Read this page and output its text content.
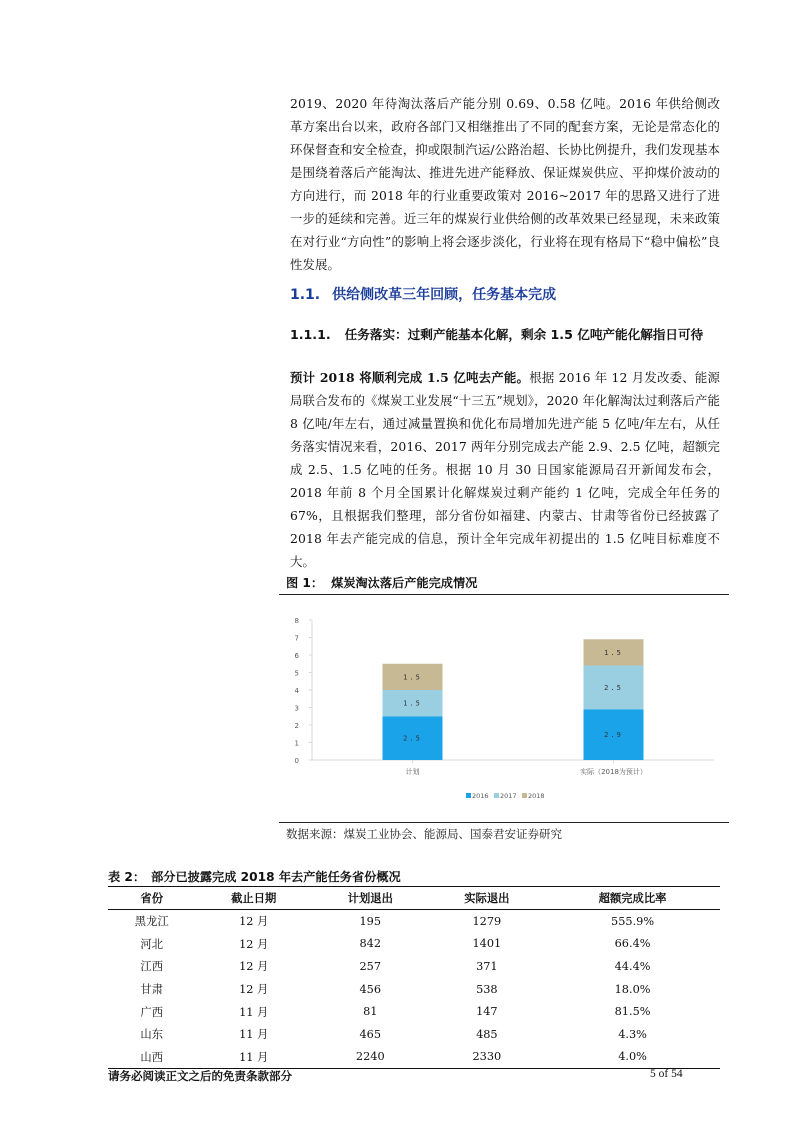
2019、2020 年待淘汰落后产能分别 0.69、0.58 亿吨。2016 年供给侧改革方案出台以来，政府各部门又相继推出了不同的配套方案，无论是常态化的环保督查和安全检查，抑或限制汽运/公路治超、长协比例提升，我们发现基本是围绕着落后产能淘汰、推进先进产能释放、保证煤炭供应、平抑煤价波动的方向进行，而 2018 年的行业重要政策对 2016~2017 年的思路又进行了进一步的延续和完善。近三年的煤炭行业供给侧的改革效果已经显现，未来政策在对行业“方向性”的影响上将会逐步淡化，行业将在现有格局下“稳中偏松”良性发展。

1.1. 供给侧改革三年回顾，任务基本完成
1.1.1. 任务落实：过剩产能基本化解，剩余 1.5 亿吨产能化解指日可待

预计 2018 将顺利完成 1.5 亿吨去产能。根据 2016 年 12 月发改委、能源局联合发布的《煤炭工业发展“十三五”规划》，2020 年化解淘汰过剩落后产能 8 亿吨/年左右，通过减量置换和优化布局增加先进产能 5 亿吨/年左右，从任务落实情况来看，2016、2017 两年分别完成去产能 2.9、2.5 亿吨，超额完成 2.5、1.5 亿吨的任务。根据 10 月 30 日国家能源局召开新闻发布会，2018 年前 8 个月全国累计化解煤炭过剩产能约 1 亿吨，完成全年任务的 67%，且根据我们整理，部分省份如福建、内蒙古、甘肃等省份已经披露了 2018 年去产能完成的信息，预计全年完成年初提出的 1.5 亿吨目标难度不大。

图 1： 煤炭淘汰落后产能完成情况

0
1
2
3
4
5
6
7
8
2.5
1.5
1.5
计划
2.9
2.5
1.5
实际（2018为预计）
2016 2017 2018

数据来源：煤炭工业协会、能源局、国泰君安证券研究

表 2： 部分已披露完成 2018 年去产能任务省份概况

省份	截止日期	计划退出	实际退出	超额完成比率
黑龙江	12 月	195	1279	555.9%
河北	12 月	842	1401	66.4%
江西	12 月	257	371	44.4%
甘肃	12 月	456	538	18.0%
广西	11 月	81	147	81.5%
山东	11 月	465	485	4.3%
山西	11 月	2240	2330	4.0%

请务必阅读正文之后的免责条款部分	5 of 54
